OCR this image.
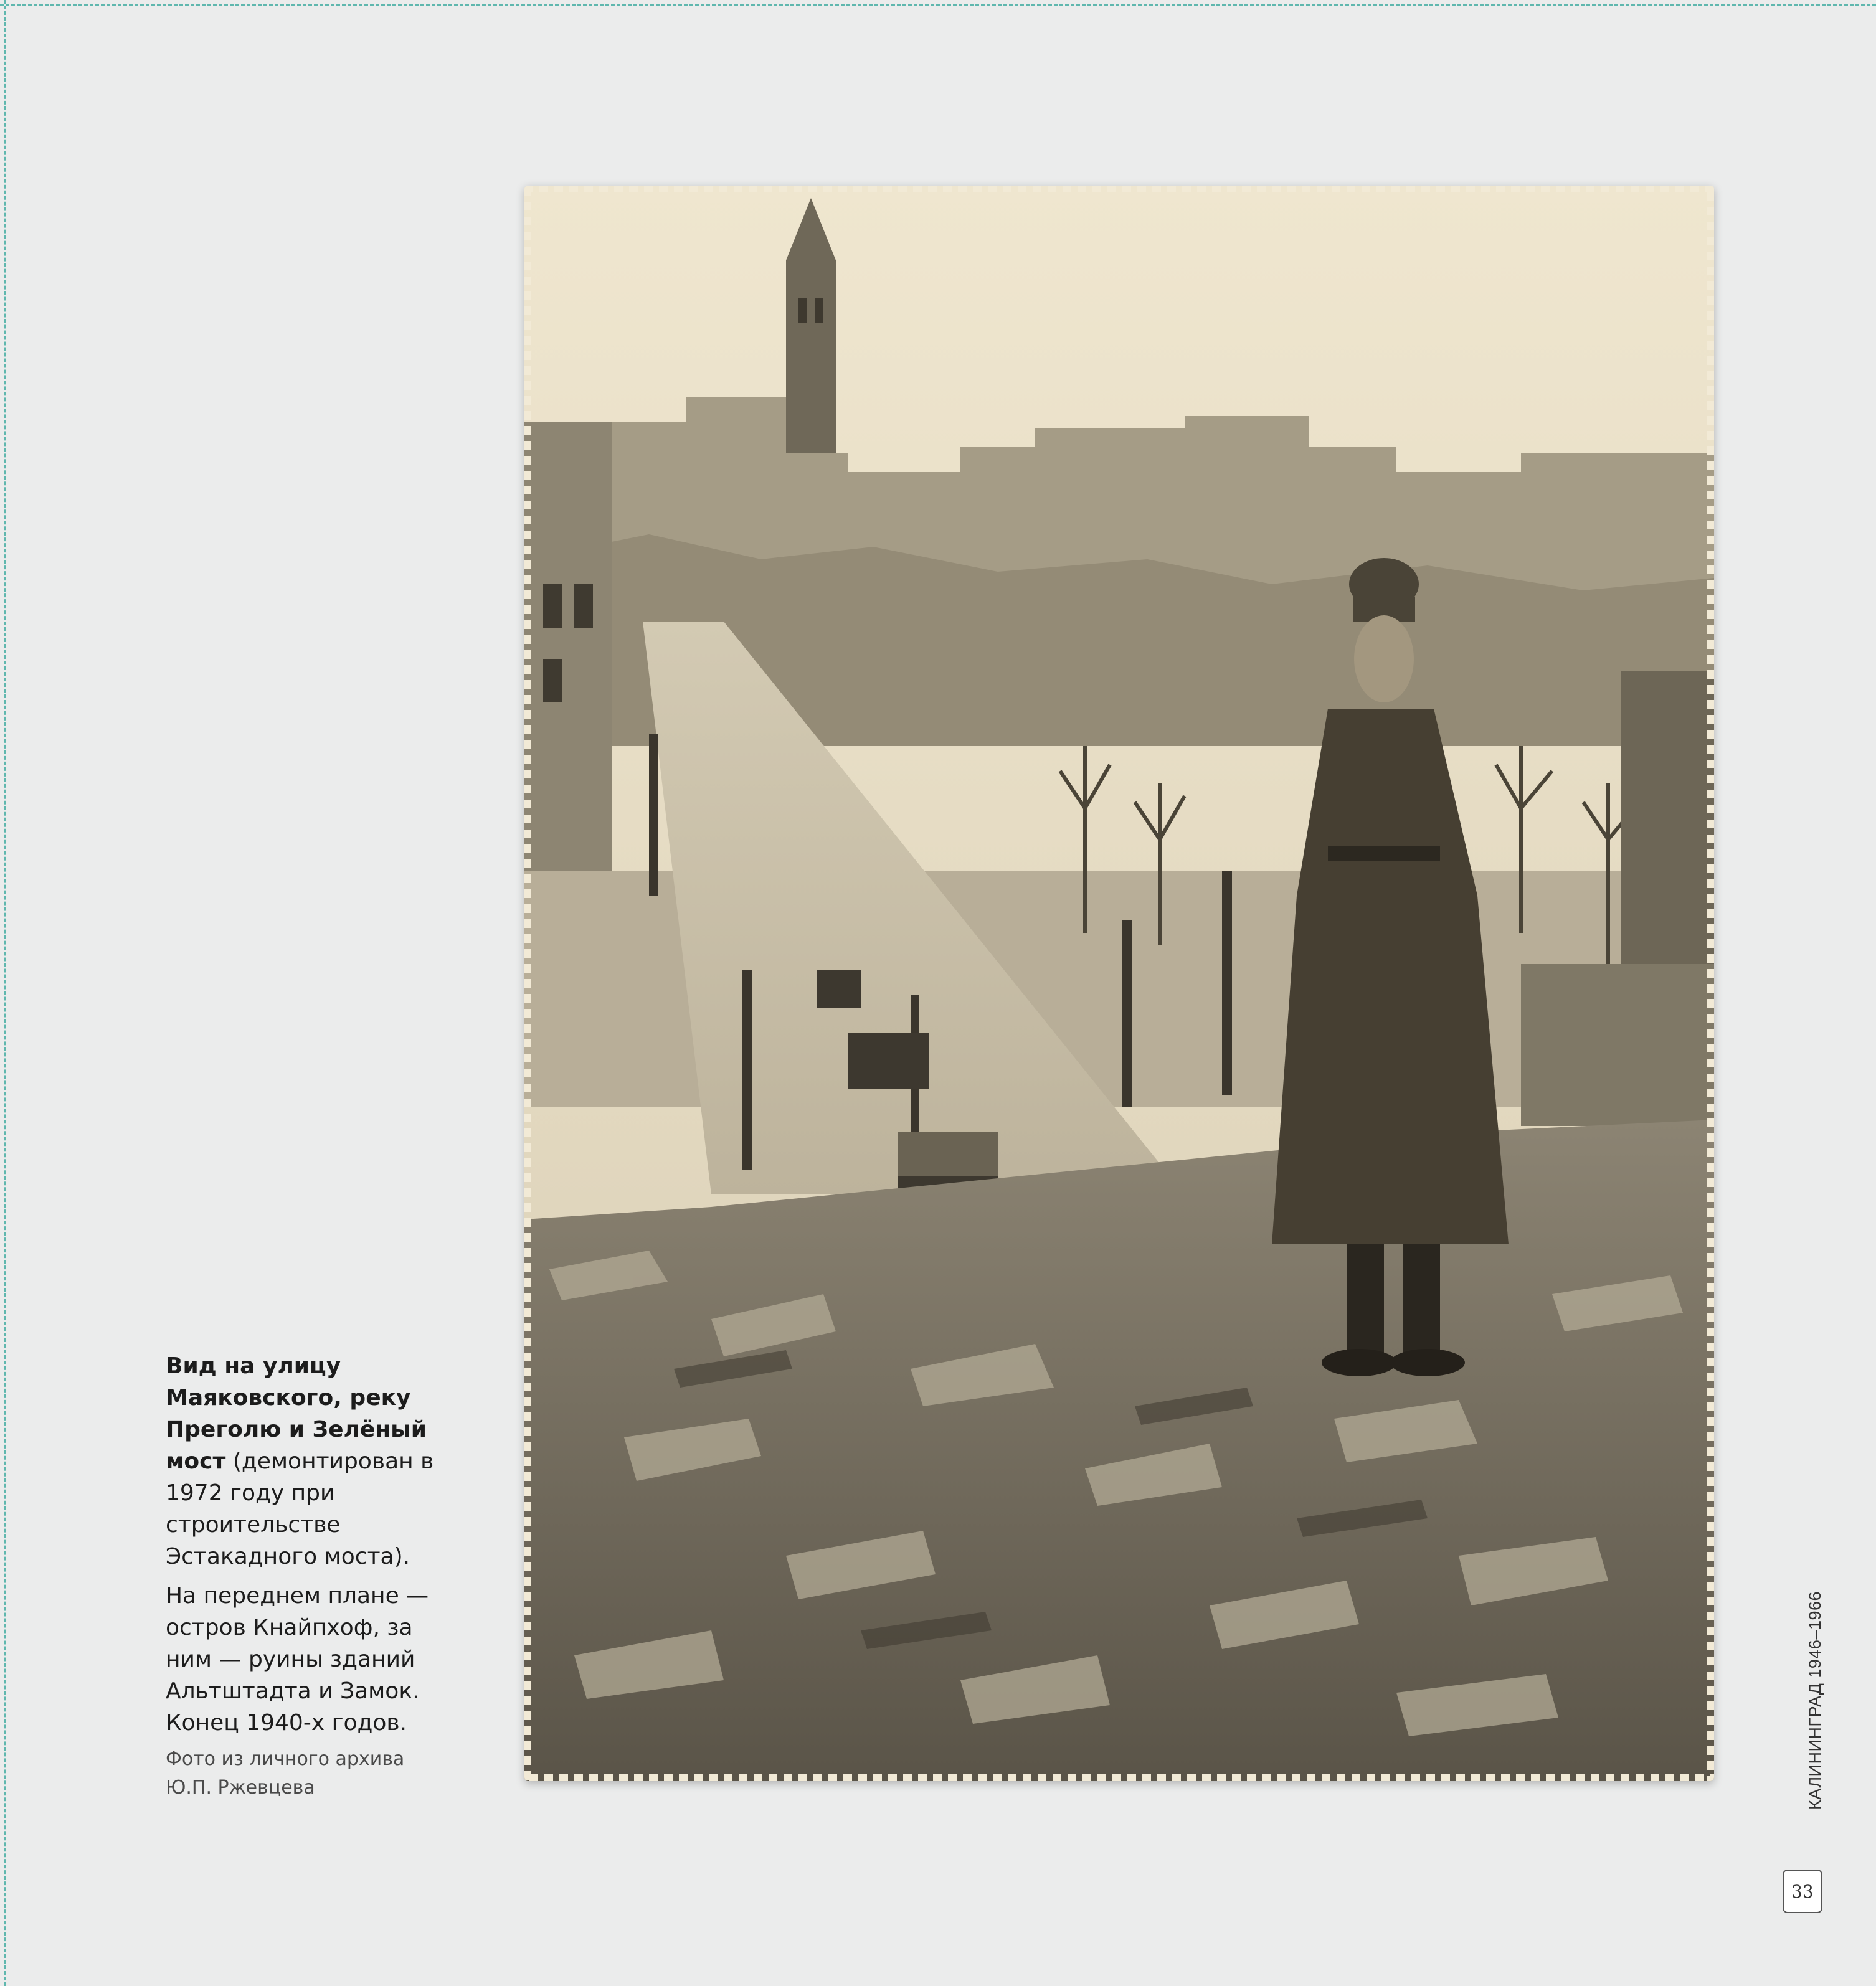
Вид на улицу Маяковского, реку Преголю и Зелёный мост (демонтирован в 1972 году при строительстве Эстакадного моста).

На переднем плане — остров Кнайпхоф, за ним — руины зданий Альтштадта и Замок. Конец 1940-х годов.

Фото из личного архива Ю.П. Ржевцева	КАЛИНИНГРАД 1946–1966
33
